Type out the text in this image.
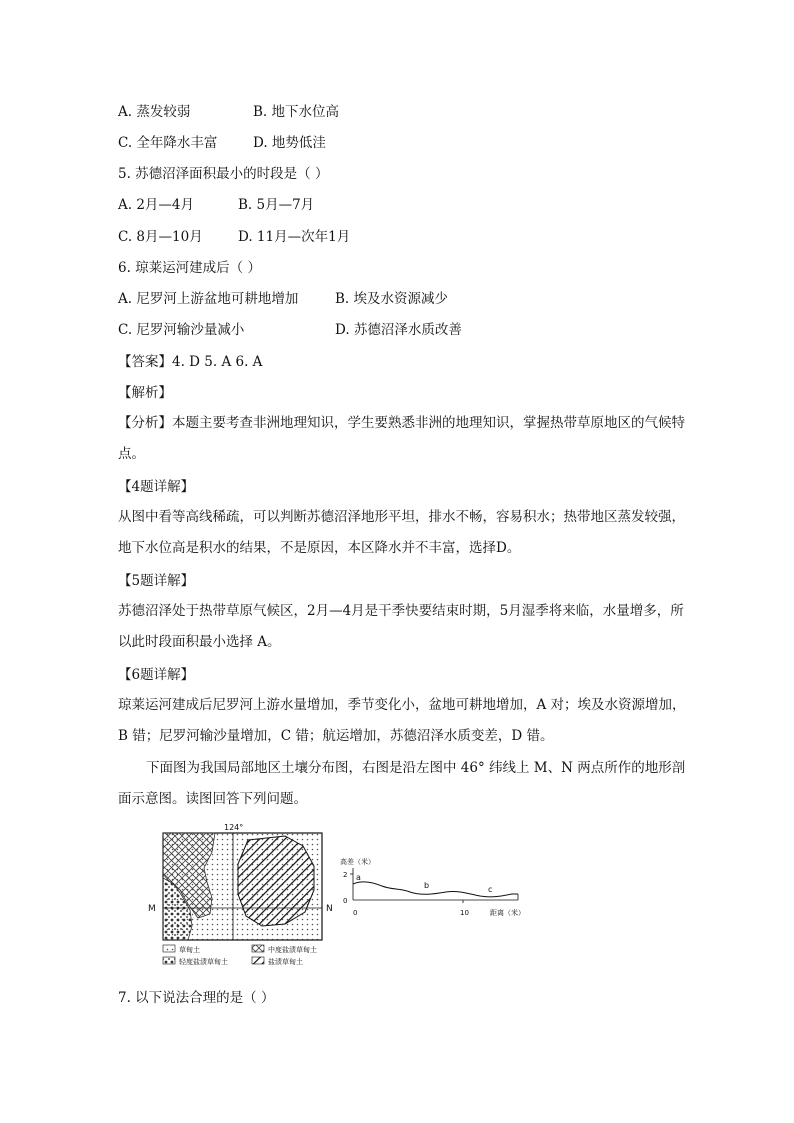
A. 蒸发较弱	B. 地下水位高
C. 全年降水丰富	D. 地势低洼
5. 苏德沼泽面积最小的时段是（ ）
A. 2月—4月	B. 5月—7月
C. 8月—10月	D. 11月—次年1月
6. 琼莱运河建成后（ ）
A. 尼罗河上游盆地可耕地增加	B. 埃及水资源减少
C. 尼罗河输沙量减小	D. 苏德沼泽水质改善
【答案】4. D 5. A 6. A
【解析】
【分析】本题主要考查非洲地理知识，学生要熟悉非洲的地理知识，掌握热带草原地区的气候特点。
【4题详解】
从图中看等高线稀疏，可以判断苏德沼泽地形平坦，排水不畅，容易积水；热带地区蒸发较强，地下水位高是积水的结果，不是原因，本区降水并不丰富，选择D。
【5题详解】
苏德沼泽处于热带草原气候区，2月—4月是干季快要结束时期，5月湿季将来临，水量增多，所以此时段面积最小选择 A。
【6题详解】
琼莱运河建成后尼罗河上游水量增加，季节变化小，盆地可耕地增加，A 对；埃及水资源增加，B 错；尼罗河输沙量增加，C 错；航运增加，苏德沼泽水质变差，D 错。
下面图为我国局部地区土壤分布图，右图是沿左图中 46° 纬线上 M、N 两点所作的地形剖面示意图。读图回答下列问题。
124°
M	N
草甸土	中度盐渍草甸土
轻度盐渍草甸土	盐渍草甸土
高差（米）
2
0
0	10	距离（米）
a
b	c
7. 以下说法合理的是（ ）
